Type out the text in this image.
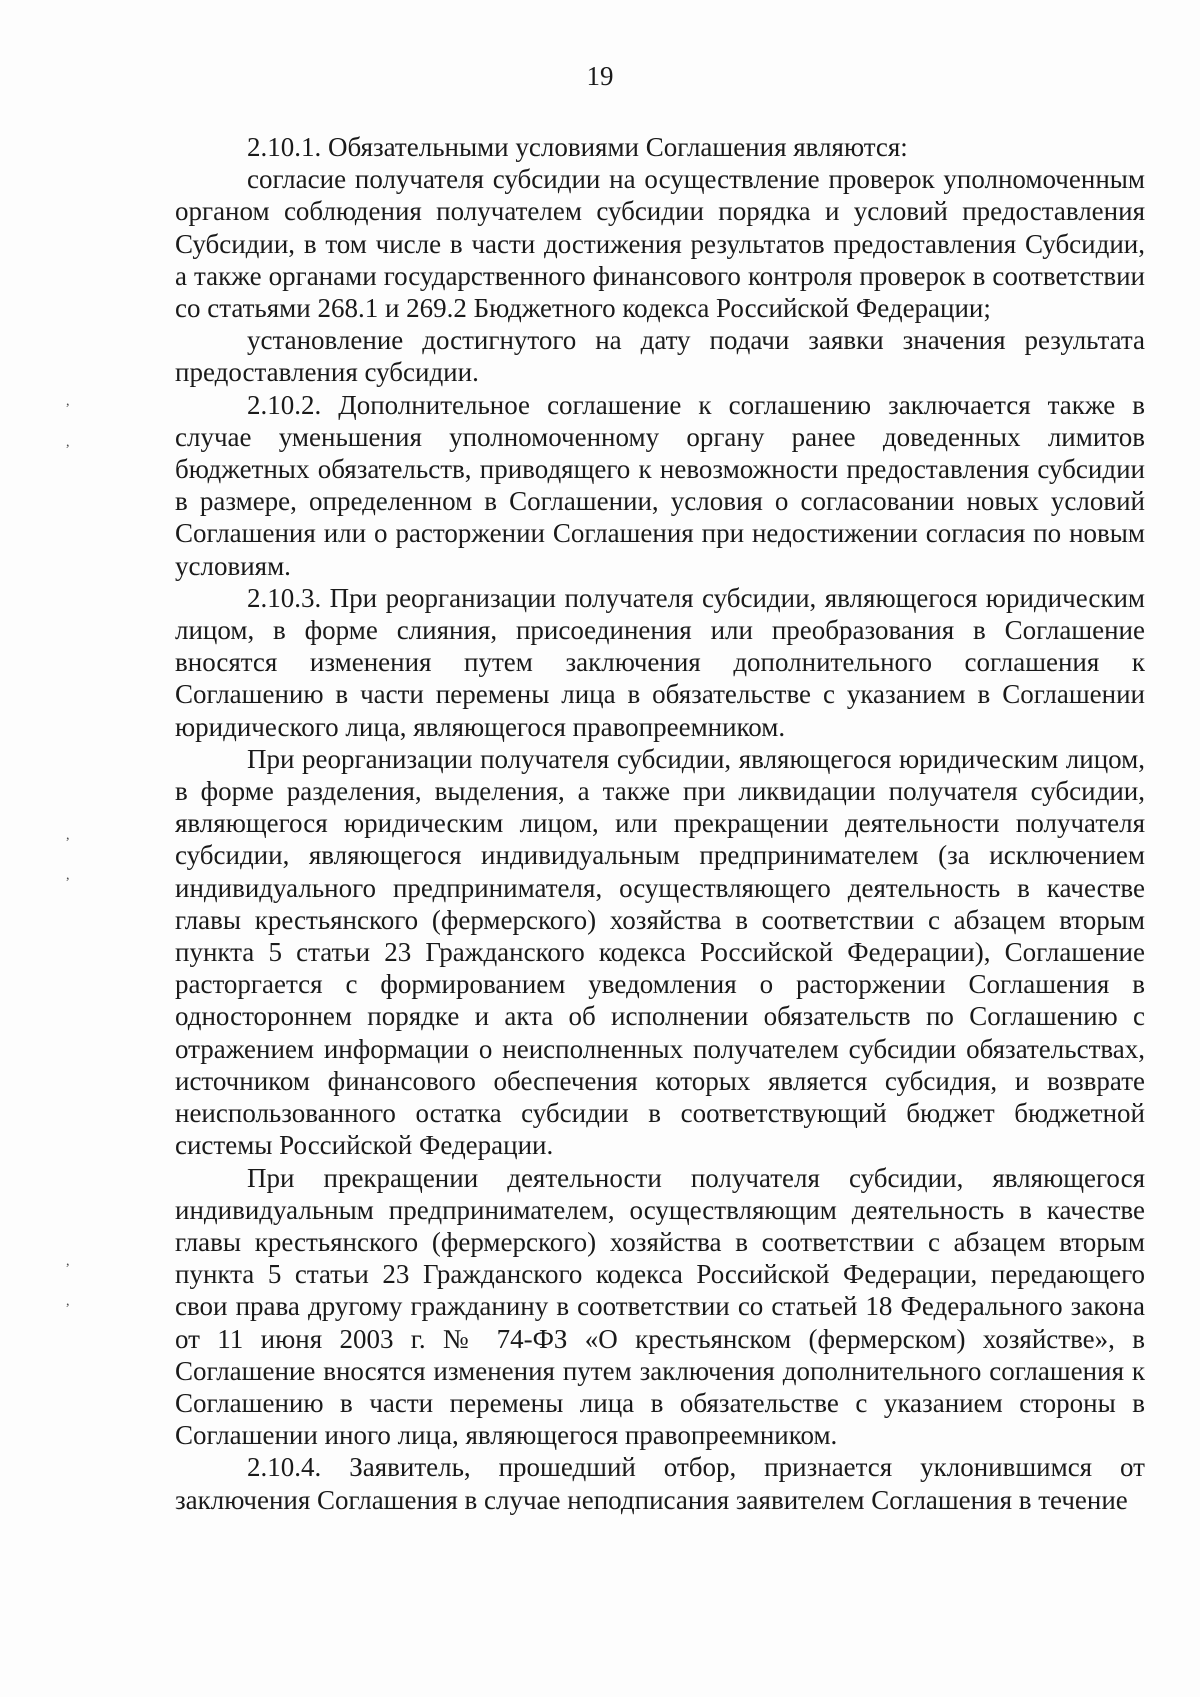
19
,
,
,
,
,
,

2.10.1. Обязательными условиями Соглашения являются:

согласие получателя субсидии на осуществление проверок уполномоченным органом соблюдения получателем субсидии порядка и условий предоставления Субсидии, в том числе в части достижения результатов предоставления Субсидии, а также органами государственного финансового контроля проверок в соответствии со статьями 268.1 и 269.2 Бюджетного кодекса Российской Федерации;

установление достигнутого на дату подачи заявки значения результата предоставления субсидии.

2.10.2. Дополнительное соглашение к соглашению заключается также в случае уменьшения уполномоченному органу ранее доведенных лимитов бюджетных обязательств, приводящего к невозможности предоставления субсидии в размере, определенном в Соглашении, условия о согласовании новых условий Соглашения или о расторжении Соглашения при недостижении согласия по новым условиям.

2.10.3. При реорганизации получателя субсидии, являющегося юридическим лицом, в форме слияния, присоединения или преобразования в Соглашение вносятся изменения путем заключения дополнительного соглашения к Соглашению в части перемены лица в обязательстве с указанием в Соглашении юридического лица, являющегося правопреемником.

При реорганизации получателя субсидии, являющегося юридическим лицом, в форме разделения, выделения, а также при ликвидации получателя субсидии, являющегося юридическим лицом, или прекращении деятельности получателя субсидии, являющегося индивидуальным предпринимателем (за исключением индивидуального предпринимателя, осуществляющего деятельность в качестве главы крестьянского (фермерского) хозяйства в соответствии с абзацем вторым пункта 5 статьи 23 Гражданского кодекса Российской Федерации), Соглашение расторгается с формированием уведомления о расторжении Соглашения в одностороннем порядке и акта об исполнении обязательств по Соглашению с отражением информации о неисполненных получателем субсидии обязательствах, источником финансового обеспечения которых является субсидия, и возврате неиспользованного остатка субсидии в соответствующий бюджет бюджетной системы Российской Федерации.

При прекращении деятельности получателя субсидии, являющегося индивидуальным предпринимателем, осуществляющим деятельность в качестве главы крестьянского (фермерского) хозяйства в соответствии с абзацем вторым пункта 5 статьи 23 Гражданского кодекса Российской Федерации, передающего свои права другому гражданину в соответствии со статьей 18 Федерального закона от 11 июня 2003 г. № 74-ФЗ «О крестьянском (фермерском) хозяйстве», в Соглашение вносятся изменения путем заключения дополнительного соглашения к Соглашению в части перемены лица в обязательстве с указанием стороны в Соглашении иного лица, являющегося правопреемником.

2.10.4. Заявитель, прошедший отбор, признается уклонившимся от заключения Соглашения в случае неподписания заявителем Соглашения в течение
